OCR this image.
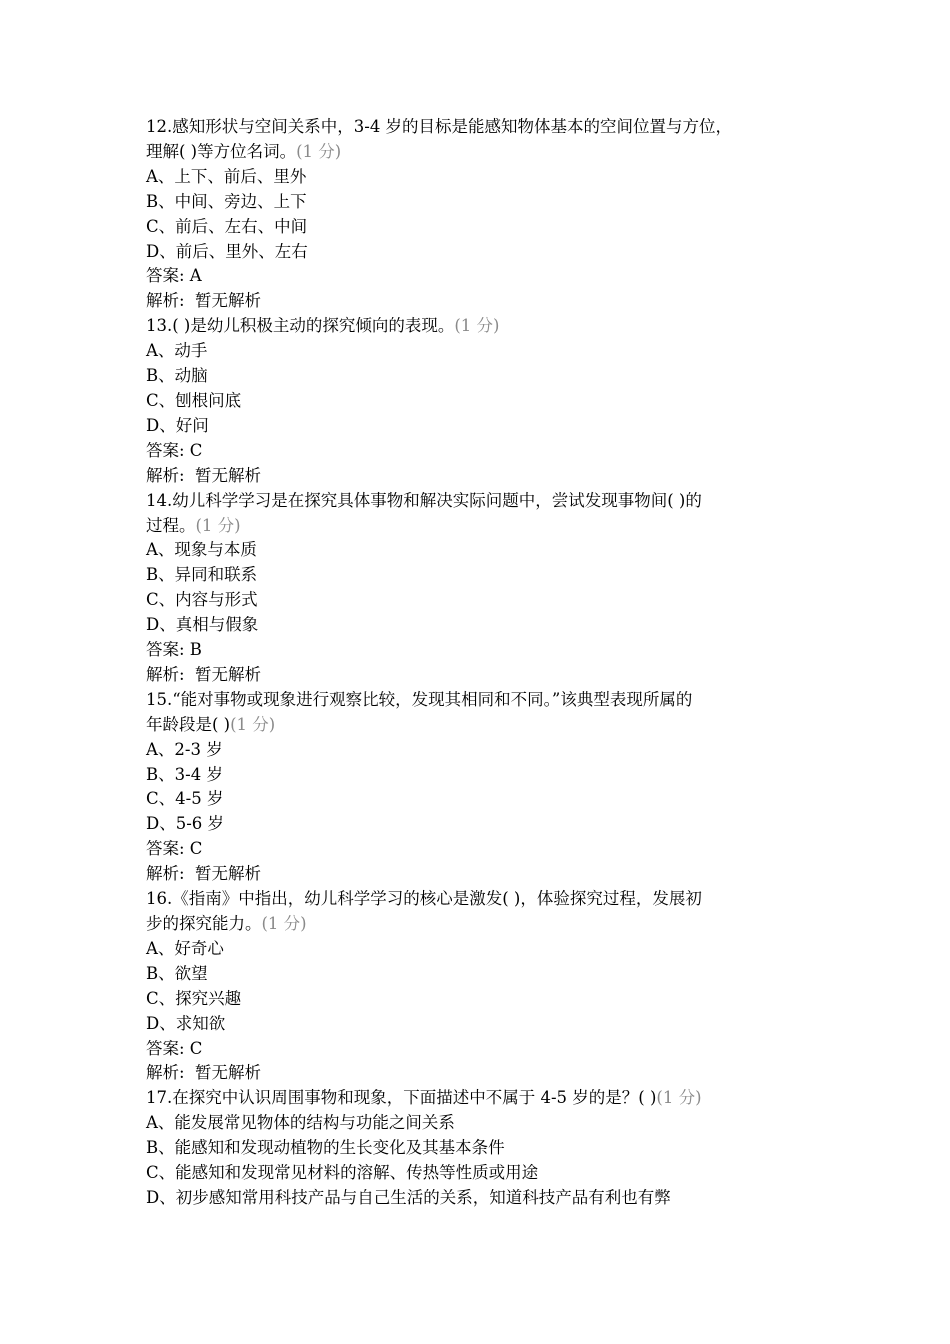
12.感知形状与空间关系中，3-4 岁的目标是能感知物体基本的空间位置与方位，
理解( )等方位名词。(1 分)
A、上下、前后、里外
B、中间、旁边、上下
C、前后、左右、中间
D、前后、里外、左右
答案: A
解析:  暂无解析
13.( )是幼儿积极主动的探究倾向的表现。(1 分)
A、动手
B、动脑
C、刨根问底
D、好问
答案: C
解析:  暂无解析
14.幼儿科学学习是在探究具体事物和解决实际问题中，尝试发现事物间( )的
过程。(1 分)
A、现象与本质
B、异同和联系
C、内容与形式
D、真相与假象
答案: B
解析:  暂无解析
15.“能对事物或现象进行观察比较，发现其相同和不同。”该典型表现所属的
年龄段是( )(1 分)
A、2-3 岁
B、3-4 岁
C、4-5 岁
D、5-6 岁
答案: C
解析:  暂无解析
16.《指南》中指出，幼儿科学学习的核心是激发( )，体验探究过程，发展初
步的探究能力。(1 分)
A、好奇心
B、欲望
C、探究兴趣
D、求知欲
答案: C
解析:  暂无解析
17.在探究中认识周围事物和现象，下面描述中不属于 4-5 岁的是？( )(1 分)
A、能发展常见物体的结构与功能之间关系
B、能感知和发现动植物的生长变化及其基本条件
C、能感知和发现常见材料的溶解、传热等性质或用途
D、初步感知常用科技产品与自己生活的关系，知道科技产品有利也有弊
